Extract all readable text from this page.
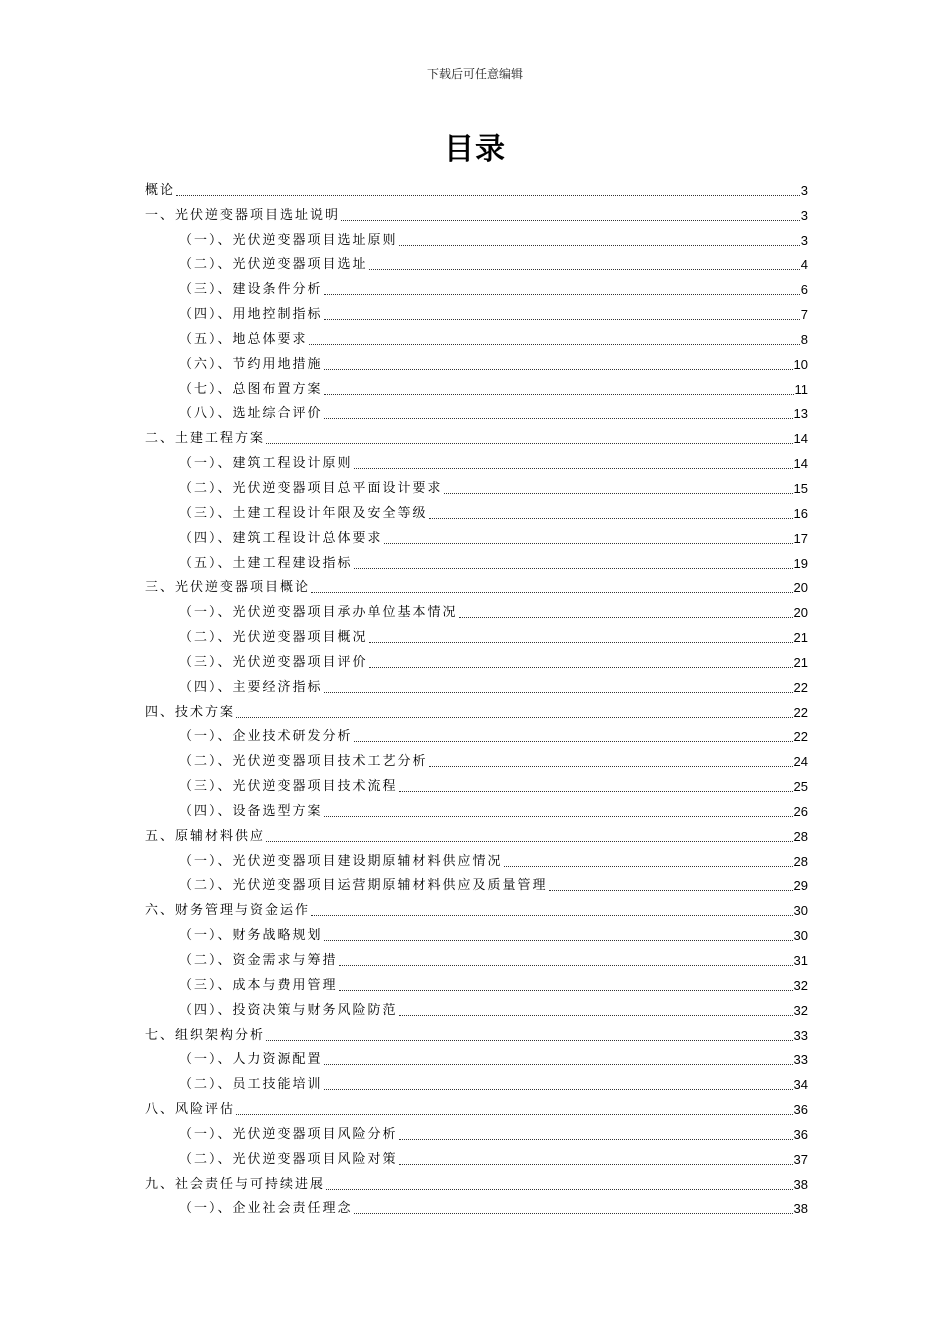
下载后可任意编辑
目录
概论	3
一、光伏逆变器项目选址说明	3
（一）、光伏逆变器项目选址原则	3
（二）、光伏逆变器项目选址	4
（三）、建设条件分析	6
（四）、用地控制指标	7
（五）、地总体要求	8
（六）、节约用地措施	10
（七）、总图布置方案	11
（八）、选址综合评价	13
二、土建工程方案	14
（一）、建筑工程设计原则	14
（二）、光伏逆变器项目总平面设计要求	15
（三）、土建工程设计年限及安全等级	16
（四）、建筑工程设计总体要求	17
（五）、土建工程建设指标	19
三、光伏逆变器项目概论	20
（一）、光伏逆变器项目承办单位基本情况	20
（二）、光伏逆变器项目概况	21
（三）、光伏逆变器项目评价	21
（四）、主要经济指标	22
四、技术方案	22
（一）、企业技术研发分析	22
（二）、光伏逆变器项目技术工艺分析	24
（三）、光伏逆变器项目技术流程	25
（四）、设备选型方案	26
五、原辅材料供应	28
（一）、光伏逆变器项目建设期原辅材料供应情况	28
（二）、光伏逆变器项目运营期原辅材料供应及质量管理	29
六、财务管理与资金运作	30
（一）、财务战略规划	30
（二）、资金需求与筹措	31
（三）、成本与费用管理	32
（四）、投资决策与财务风险防范	32
七、组织架构分析	33
（一）、人力资源配置	33
（二）、员工技能培训	34
八、风险评估	36
（一）、光伏逆变器项目风险分析	36
（二）、光伏逆变器项目风险对策	37
九、社会责任与可持续进展	38
（一）、企业社会责任理念	38
